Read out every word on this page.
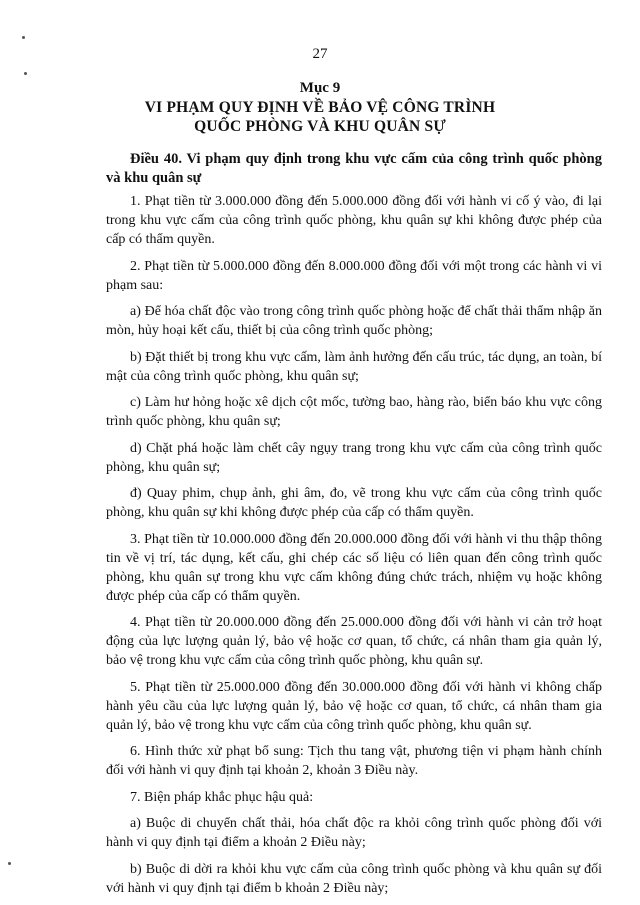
27
Mục 9
VI PHẠM QUY ĐỊNH VỀ BẢO VỆ CÔNG TRÌNH
QUỐC PHÒNG VÀ KHU QUÂN SỰ
Điều 40. Vi phạm quy định trong khu vực cấm của công trình quốc phòng và khu quân sự

1. Phạt tiền từ 3.000.000 đồng đến 5.000.000 đồng đối với hành vi cố ý vào, đi lại trong khu vực cấm của công trình quốc phòng, khu quân sự khi không được phép của cấp có thẩm quyền.

2. Phạt tiền từ 5.000.000 đồng đến 8.000.000 đồng đối với một trong các hành vi vi phạm sau:

a) Để hóa chất độc vào trong công trình quốc phòng hoặc để chất thải thẩm nhập ăn mòn, hủy hoại kết cấu, thiết bị của công trình quốc phòng;

b) Đặt thiết bị trong khu vực cấm, làm ảnh hưởng đến cấu trúc, tác dụng, an toàn, bí mật của công trình quốc phòng, khu quân sự;

c) Làm hư hỏng hoặc xê dịch cột mốc, tường bao, hàng rào, biển báo khu vực công trình quốc phòng, khu quân sự;

d) Chặt phá hoặc làm chết cây ngụy trang trong khu vực cấm của công trình quốc phòng, khu quân sự;

đ) Quay phim, chụp ảnh, ghi âm, đo, vẽ trong khu vực cấm của công trình quốc phòng, khu quân sự khi không được phép của cấp có thẩm quyền.

3. Phạt tiền từ 10.000.000 đồng đến 20.000.000 đồng đối với hành vi thu thập thông tin về vị trí, tác dụng, kết cấu, ghi chép các số liệu có liên quan đến công trình quốc phòng, khu quân sự trong khu vực cấm không đúng chức trách, nhiệm vụ hoặc không được phép của cấp có thẩm quyền.

4. Phạt tiền từ 20.000.000 đồng đến 25.000.000 đồng đối với hành vi cản trở hoạt động của lực lượng quản lý, bảo vệ hoặc cơ quan, tổ chức, cá nhân tham gia quản lý, bảo vệ trong khu vực cấm của công trình quốc phòng, khu quân sự.

5. Phạt tiền từ 25.000.000 đồng đến 30.000.000 đồng đối với hành vi không chấp hành yêu cầu của lực lượng quản lý, bảo vệ hoặc cơ quan, tổ chức, cá nhân tham gia quản lý, bảo vệ trong khu vực cấm của công trình quốc phòng, khu quân sự.

6. Hình thức xử phạt bổ sung: Tịch thu tang vật, phương tiện vi phạm hành chính đối với hành vi quy định tại khoản 2, khoản 3 Điều này.

7. Biện pháp khắc phục hậu quả:

a) Buộc di chuyển chất thải, hóa chất độc ra khỏi công trình quốc phòng đối với hành vi quy định tại điểm a khoản 2 Điều này;

b) Buộc di dời ra khỏi khu vực cấm của công trình quốc phòng và khu quân sự đối với hành vi quy định tại điểm b khoản 2 Điều này;
